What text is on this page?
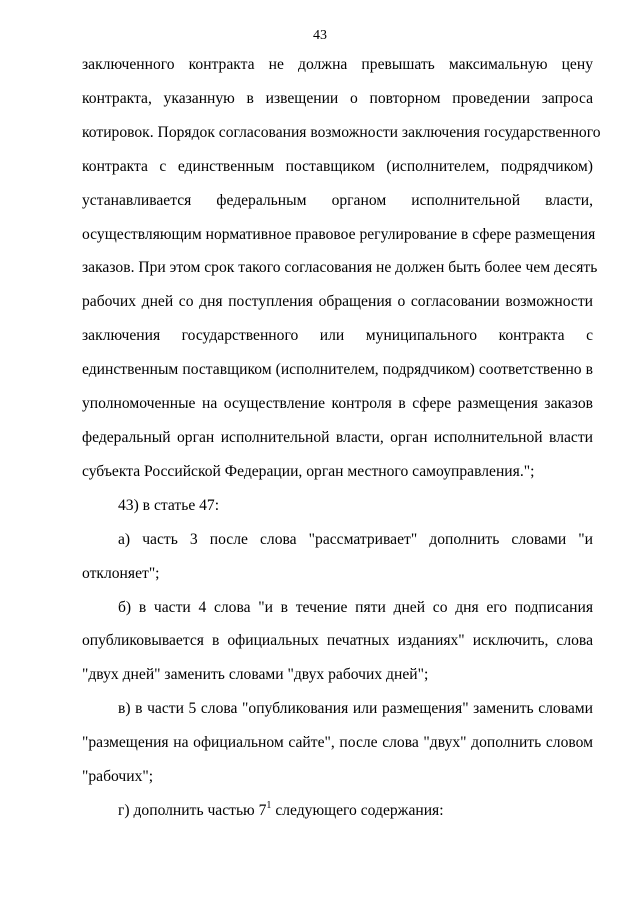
43
заключенного контракта не должна превышать максимальную цену
контракта, указанную в извещении о повторном проведении запроса
котировок. Порядок согласования возможности заключения государственного
контракта с единственным поставщиком (исполнителем, подрядчиком)
устанавливается федеральным органом исполнительной власти,
осуществляющим нормативное правовое регулирование в сфере размещения
заказов. При этом срок такого согласования не должен быть более чем десять
рабочих дней со дня поступления обращения о согласовании возможности
заключения государственного или муниципального контракта с
единственным поставщиком (исполнителем, подрядчиком) соответственно в
уполномоченные на осуществление контроля в сфере размещения заказов
федеральный орган исполнительной власти, орган исполнительной власти
субъекта Российской Федерации, орган местного самоуправления.";
43) в статье 47:
а) часть 3 после слова "рассматривает" дополнить словами "и
отклоняет";
б) в части 4 слова "и в течение пяти дней со дня его подписания
опубликовывается в официальных печатных изданиях" исключить, слова
"двух дней" заменить словами "двух рабочих дней";
в) в части 5 слова "опубликования или размещения" заменить словами
"размещения на официальном сайте", после слова "двух" дополнить словом
"рабочих";
г) дополнить частью $7^1$ следующего содержания:
